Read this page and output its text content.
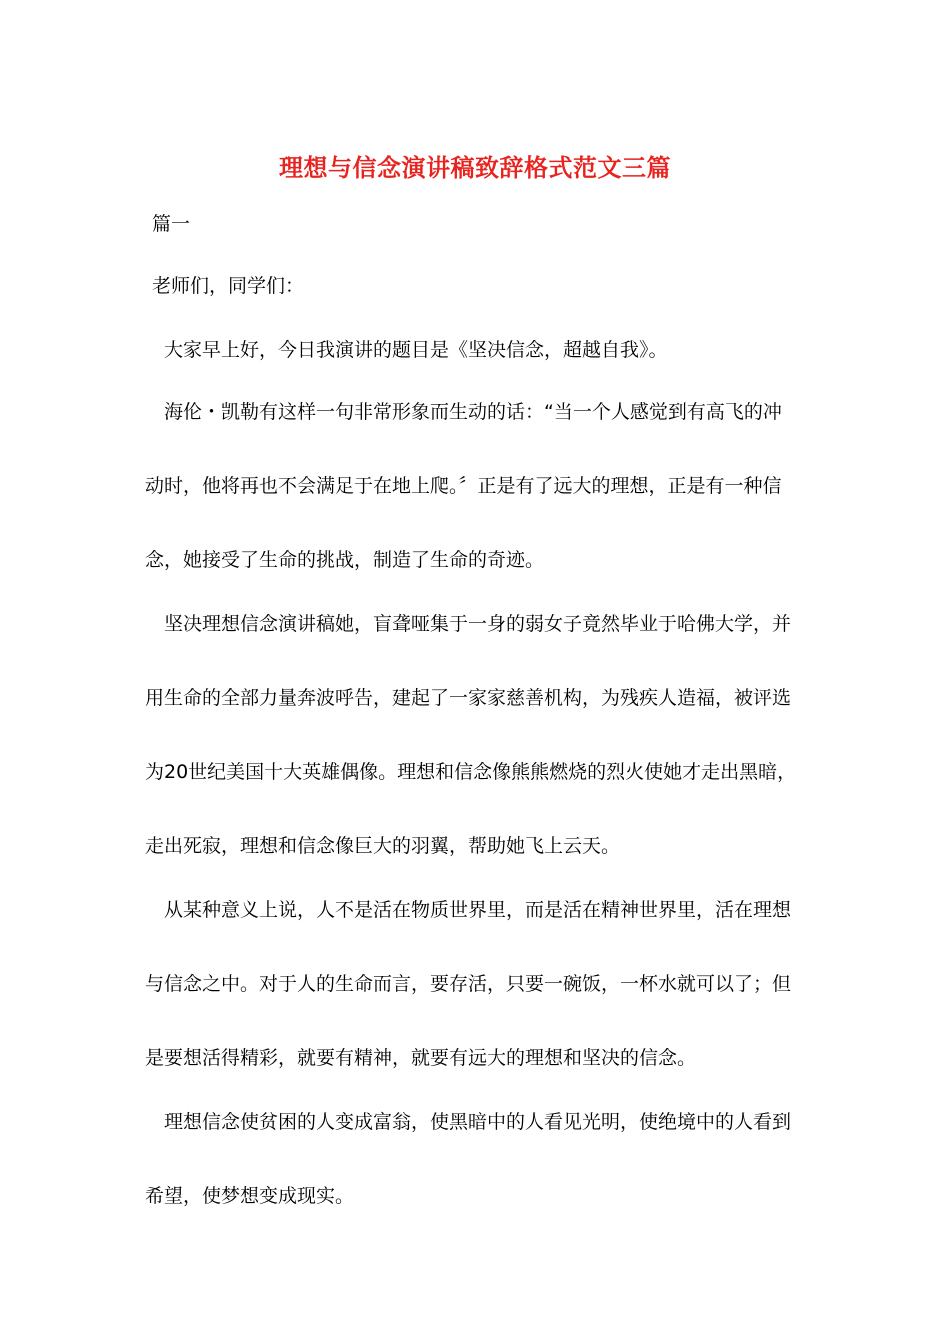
理想与信念演讲稿致辞格式范文三篇
篇一
老师们，同学们：
大家早上好，今日我演讲的题目是《坚决信念，超越自我》。
海伦・凯勒有这样一句非常形象而生动的话：“当一个人感觉到有高飞的冲
动时，他将再也不会满足于在地上爬。〞正是有了远大的理想，正是有一种信
念，她接受了生命的挑战，制造了生命的奇迹。
坚决理想信念演讲稿她，盲聋哑集于一身的弱女子竟然毕业于哈佛大学，并
用生命的全部力量奔波呼告，建起了一家家慈善机构，为残疾人造福，被评选
为20世纪美国十大英雄偶像。理想和信念像熊熊燃烧的烈火使她才走出黑暗，
走出死寂，理想和信念像巨大的羽翼，帮助她飞上云天。
从某种意义上说，人不是活在物质世界里，而是活在精神世界里，活在理想
与信念之中。对于人的生命而言，要存活，只要一碗饭，一杯水就可以了；但
是要想活得精彩，就要有精神，就要有远大的理想和坚决的信念。
理想信念使贫困的人变成富翁，使黑暗中的人看见光明，使绝境中的人看到
希望，使梦想变成现实。
